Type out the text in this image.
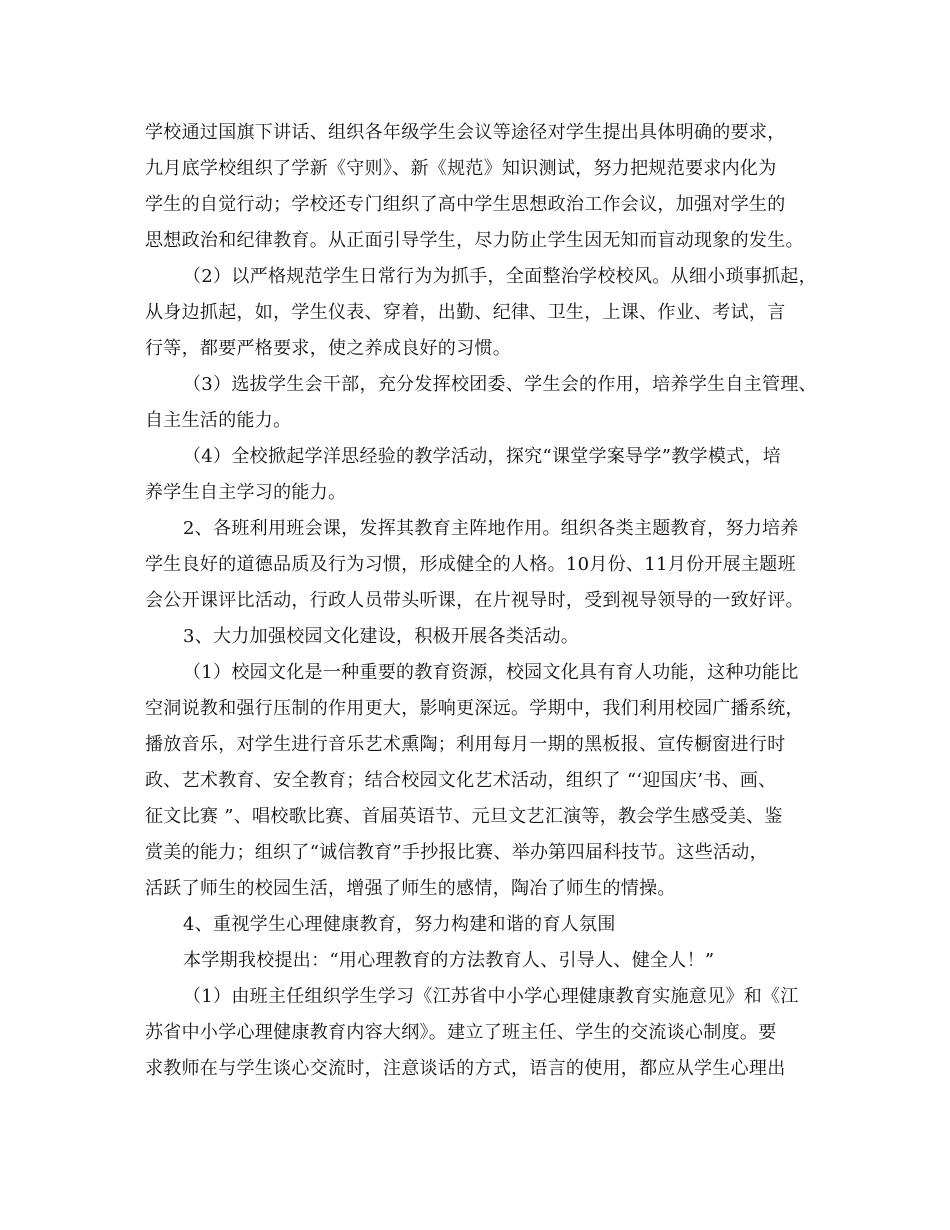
学校通过国旗下讲话、组织各年级学生会议等途径对学生提出具体明确的要求，
九月底学校组织了学新《守则》、新《规范》知识测试，努力把规范要求内化为
学生的自觉行动；学校还专门组织了高中学生思想政治工作会议，加强对学生的
思想政治和纪律教育。从正面引导学生，尽力防止学生因无知而盲动现象的发生。
（2）以严格规范学生日常行为为抓手，全面整治学校校风。从细小琐事抓起，
从身边抓起，如，学生仪表、穿着，出勤、纪律、卫生，上课、作业、考试，言
行等，都要严格要求，使之养成良好的习惯。
（3）选拔学生会干部，充分发挥校团委、学生会的作用，培养学生自主管理、
自主生活的能力。
（4）全校掀起学洋思经验的教学活动，探究“课堂学案导学”教学模式，培
养学生自主学习的能力。
2、各班利用班会课，发挥其教育主阵地作用。组织各类主题教育，努力培养
学生良好的道德品质及行为习惯，形成健全的人格。10月份、11月份开展主题班
会公开课评比活动，行政人员带头听课，在片视导时，受到视导领导的一致好评。
3、大力加强校园文化建设，积极开展各类活动。
（1）校园文化是一种重要的教育资源，校园文化具有育人功能，这种功能比
空洞说教和强行压制的作用更大，影响更深远。学期中，我们利用校园广播系统，
播放音乐，对学生进行音乐艺术熏陶；利用每月一期的黑板报、宣传橱窗进行时
政、艺术教育、安全教育；结合校园文化艺术活动，组织了 “‘迎国庆’书、画、
征文比赛 ”、唱校歌比赛、首届英语节、元旦文艺汇演等，教会学生感受美、鉴
赏美的能力；组织了“诚信教育”手抄报比赛、举办第四届科技节。这些活动，
活跃了师生的校园生活，增强了师生的感情，陶冶了师生的情操。
4、重视学生心理健康教育，努力构建和谐的育人氛围
本学期我校提出：“用心理教育的方法教育人、引导人、健全人！”
（1）由班主任组织学生学习《江苏省中小学心理健康教育实施意见》和《江
苏省中小学心理健康教育内容大纲》。建立了班主任、学生的交流谈心制度。要
求教师在与学生谈心交流时，注意谈话的方式，语言的使用，都应从学生心理出
